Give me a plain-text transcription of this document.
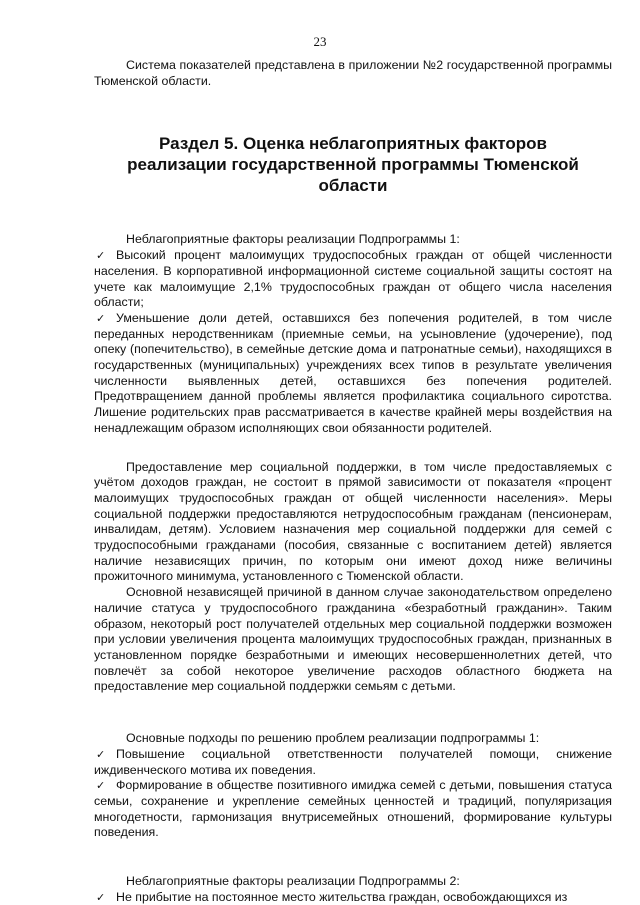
23

Система показателей представлена в приложении №2 государственной программы Тюменской области.

Раздел 5. Оценка неблагоприятных факторов реализации государственной программы Тюменской области

Неблагоприятные факторы реализации Подпрограммы 1:

✓ Высокий процент малоимущих трудоспособных граждан от общей численности населения. В корпоративной информационной системе социальной защиты состоят на учете как малоимущие 2,1% трудоспособных граждан от общего числа населения области;

✓ Уменьшение доли детей, оставшихся без попечения родителей, в том числе переданных неродственникам (приемные семьи, на усыновление (удочерение), под опеку (попечительство), в семейные детские дома и патронатные семьи), находящихся в государственных (муниципальных) учреждениях всех типов в результате увеличения численности выявленных детей, оставшихся без попечения родителей. Предотвращением данной проблемы является профилактика социального сиротства. Лишение родительских прав рассматривается в качестве крайней меры воздействия на ненадлежащим образом исполняющих свои обязанности родителей.

Предоставление мер социальной поддержки, в том числе предоставляемых с учётом доходов граждан, не состоит в прямой зависимости от показателя «процент малоимущих трудоспособных граждан от общей численности населения». Меры социальной поддержки предоставляются нетрудоспособным гражданам (пенсионерам, инвалидам, детям). Условием назначения мер социальной поддержки для семей с трудоспособными гражданами (пособия, связанные с воспитанием детей) является наличие независящих причин, по которым они имеют доход ниже величины прожиточного минимума, установленного с Тюменской области.

Основной независящей причиной в данном случае законодательством определено наличие статуса у трудоспособного гражданина «безработный гражданин». Таким образом, некоторый рост получателей отдельных мер социальной поддержки возможен при условии увеличения процента малоимущих трудоспособных граждан, признанных в установленном порядке безработными и имеющих несовершеннолетних детей, что повлечёт за собой некоторое увеличение расходов областного бюджета на предоставление мер социальной поддержки семьям с детьми.

Основные подходы по решению проблем реализации подпрограммы 1:

✓ Повышение социальной ответственности получателей помощи, снижение иждивенческого мотива их поведения.

✓ Формирование в обществе позитивного имиджа семей с детьми, повышения статуса семьи, сохранение и укрепление семейных ценностей и традиций, популяризация многодетности, гармонизация внутрисемейных отношений, формирование культуры поведения.

Неблагоприятные факторы реализации Подпрограммы 2:

✓ Не прибытие на постоянное место жительства граждан, освобождающихся из
